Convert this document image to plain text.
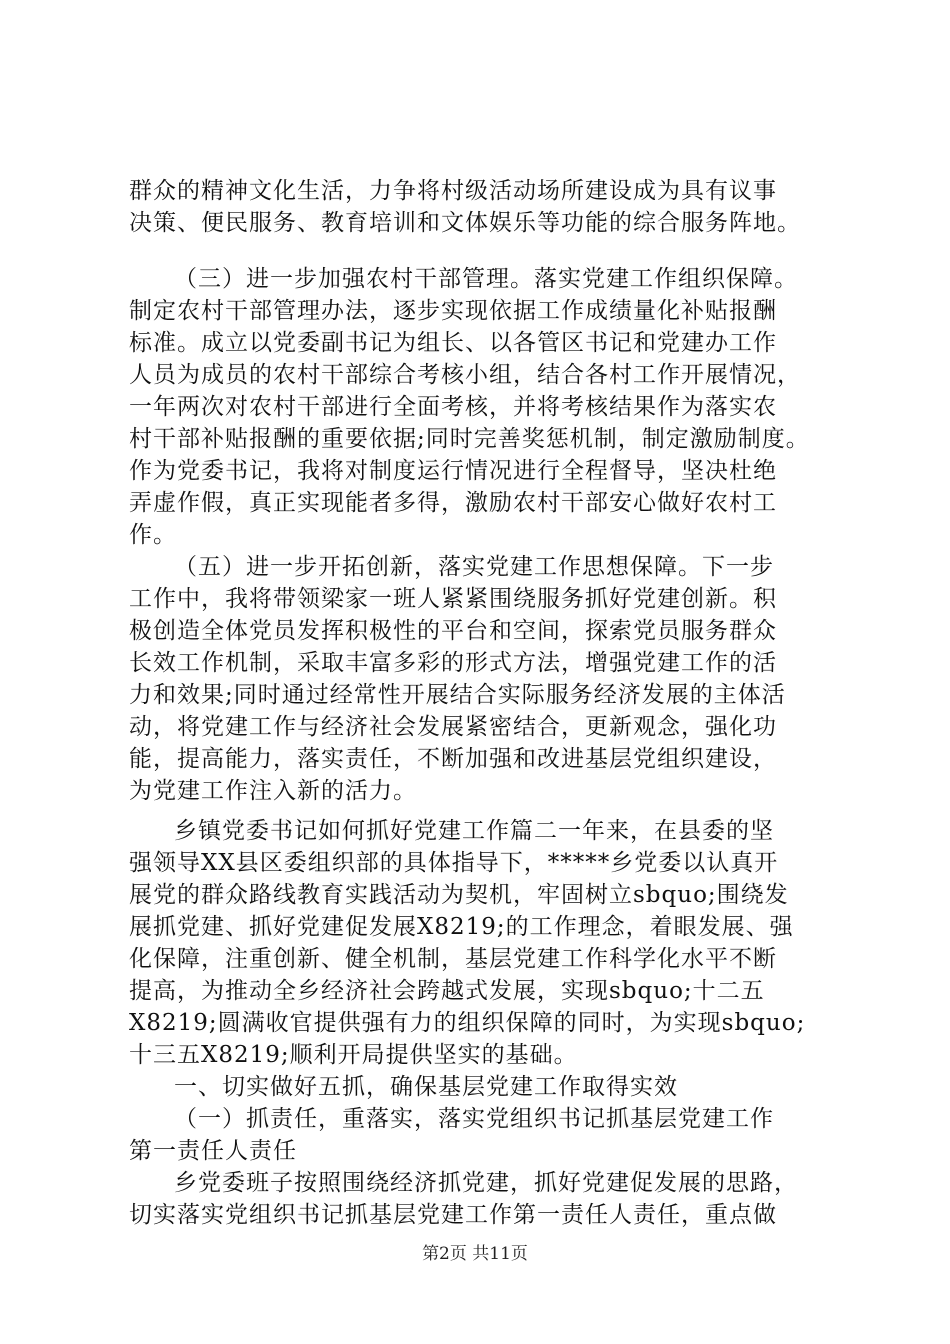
群众的精神文化生活，力争将村级活动场所建设成为具有议事
决策、便民服务、教育培训和文体娱乐等功能的综合服务阵地。
（三）进一步加强农村干部管理。落实党建工作组织保障。
制定农村干部管理办法，逐步实现依据工作成绩量化补贴报酬
标准。成立以党委副书记为组长、以各管区书记和党建办工作
人员为成员的农村干部综合考核小组，结合各村工作开展情况，
一年两次对农村干部进行全面考核，并将考核结果作为落实农
村干部补贴报酬的重要依据;同时完善奖惩机制，制定激励制度。
作为党委书记，我将对制度运行情况进行全程督导，坚决杜绝
弄虚作假，真正实现能者多得，激励农村干部安心做好农村工
作。
（五）进一步开拓创新，落实党建工作思想保障。下一步
工作中，我将带领梁家一班人紧紧围绕服务抓好党建创新。积
极创造全体党员发挥积极性的平台和空间，探索党员服务群众
长效工作机制，采取丰富多彩的形式方法，增强党建工作的活
力和效果;同时通过经常性开展结合实际服务经济发展的主体活
动，将党建工作与经济社会发展紧密结合，更新观念，强化功
能，提高能力，落实责任，不断加强和改进基层党组织建设，
为党建工作注入新的活力。
乡镇党委书记如何抓好党建工作篇二一年来，在县委的坚
强领导XX县区委组织部的具体指导下，*****乡党委以认真开
展党的群众路线教育实践活动为契机，牢固树立sbquo;围绕发
展抓党建、抓好党建促发展X8219;的工作理念，着眼发展、强
化保障，注重创新、健全机制，基层党建工作科学化水平不断
提高，为推动全乡经济社会跨越式发展，实现sbquo;十二五
X8219;圆满收官提供强有力的组织保障的同时，为实现sbquo;
十三五X8219;顺利开局提供坚实的基础。
一、切实做好五抓，确保基层党建工作取得实效
（一）抓责任，重落实，落实党组织书记抓基层党建工作
第一责任人责任
乡党委班子按照围绕经济抓党建，抓好党建促发展的思路，
切实落实党组织书记抓基层党建工作第一责任人责任，重点做
第2页 共11页
